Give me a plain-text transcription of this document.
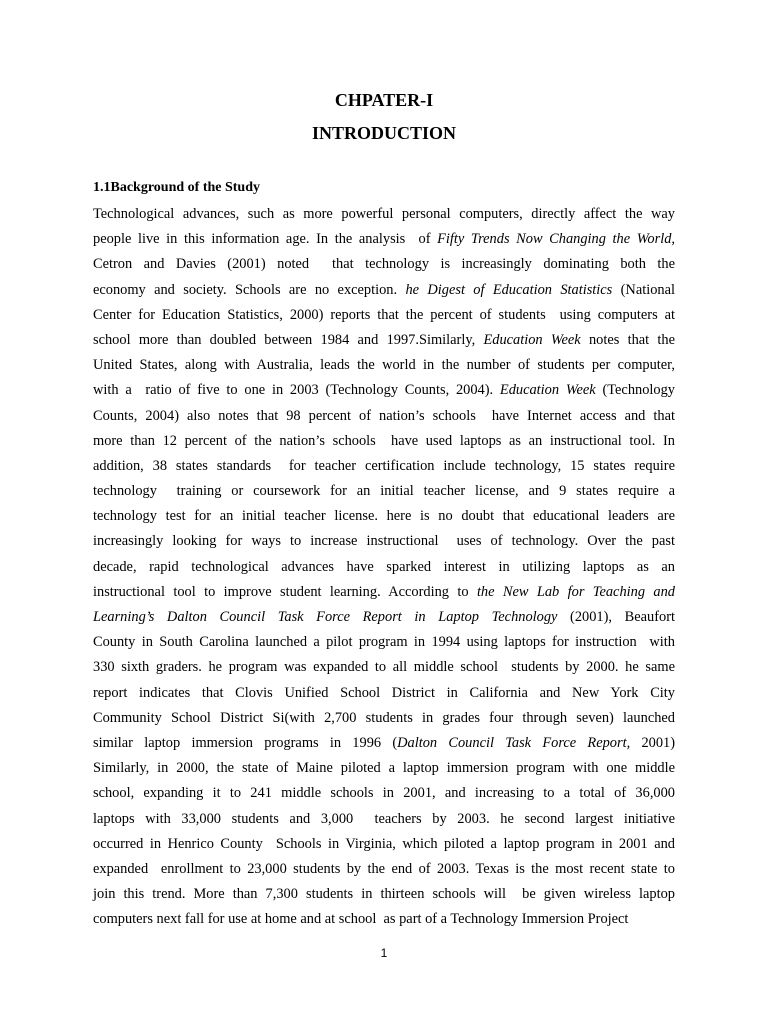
CHPATER-I
INTRODUCTION
1.1Background of the Study
Technological advances, such as more powerful personal computers, directly affect the way
people live in this information age. In the analysis  of Fifty Trends Now Changing the World,
Cetron and Davies (2001) noted  that technology is increasingly dominating both the
economy and society. Schools are no exception. he Digest of Education Statistics (National
Center for Education Statistics, 2000) reports that the percent of students  using computers at
school more than doubled between 1984 and 1997.Similarly, Education Week notes that the
United States, along with Australia, leads the world in the number of students per computer,
with a  ratio of five to one in 2003 (Technology Counts, 2004). Education Week (Technology
Counts, 2004) also notes that 98 percent of nation’s schools  have Internet access and that
more than 12 percent of the nation’s schools  have used laptops as an instructional tool. In
addition, 38 states standards  for teacher certification include technology, 15 states require
technology  training or coursework for an initial teacher license, and 9 states require a
technology test for an initial teacher license. here is no doubt that educational leaders are
increasingly looking for ways to increase instructional  uses of technology. Over the past
decade, rapid technological advances have sparked interest in utilizing laptops as an
instructional tool to improve student learning. According to the New Lab for Teaching and
Learning’s Dalton Council Task Force Report in Laptop Technology (2001), Beaufort
County in South Carolina launched a pilot program in 1994 using laptops for instruction  with
330 sixth graders. he program was expanded to all middle school  students by 2000. he same
report indicates that Clovis Unified School District in California and New York City
Community School District Si(with 2,700 students in grades four through seven) launched
similar laptop immersion programs in 1996 (Dalton Council Task Force Report, 2001)
Similarly, in 2000, the state of Maine piloted a laptop immersion program with one middle
school, expanding it to 241 middle schools in 2001, and increasing to a total of 36,000
laptops with 33,000 students and 3,000  teachers by 2003. he second largest initiative
occurred in Henrico County  Schools in Virginia, which piloted a laptop program in 2001 and
expanded  enrollment to 23,000 students by the end of 2003. Texas is the most recent state to
join this trend. More than 7,300 students in thirteen schools will  be given wireless laptop
computers next fall for use at home and at school  as part of a Technology Immersion Project
1
